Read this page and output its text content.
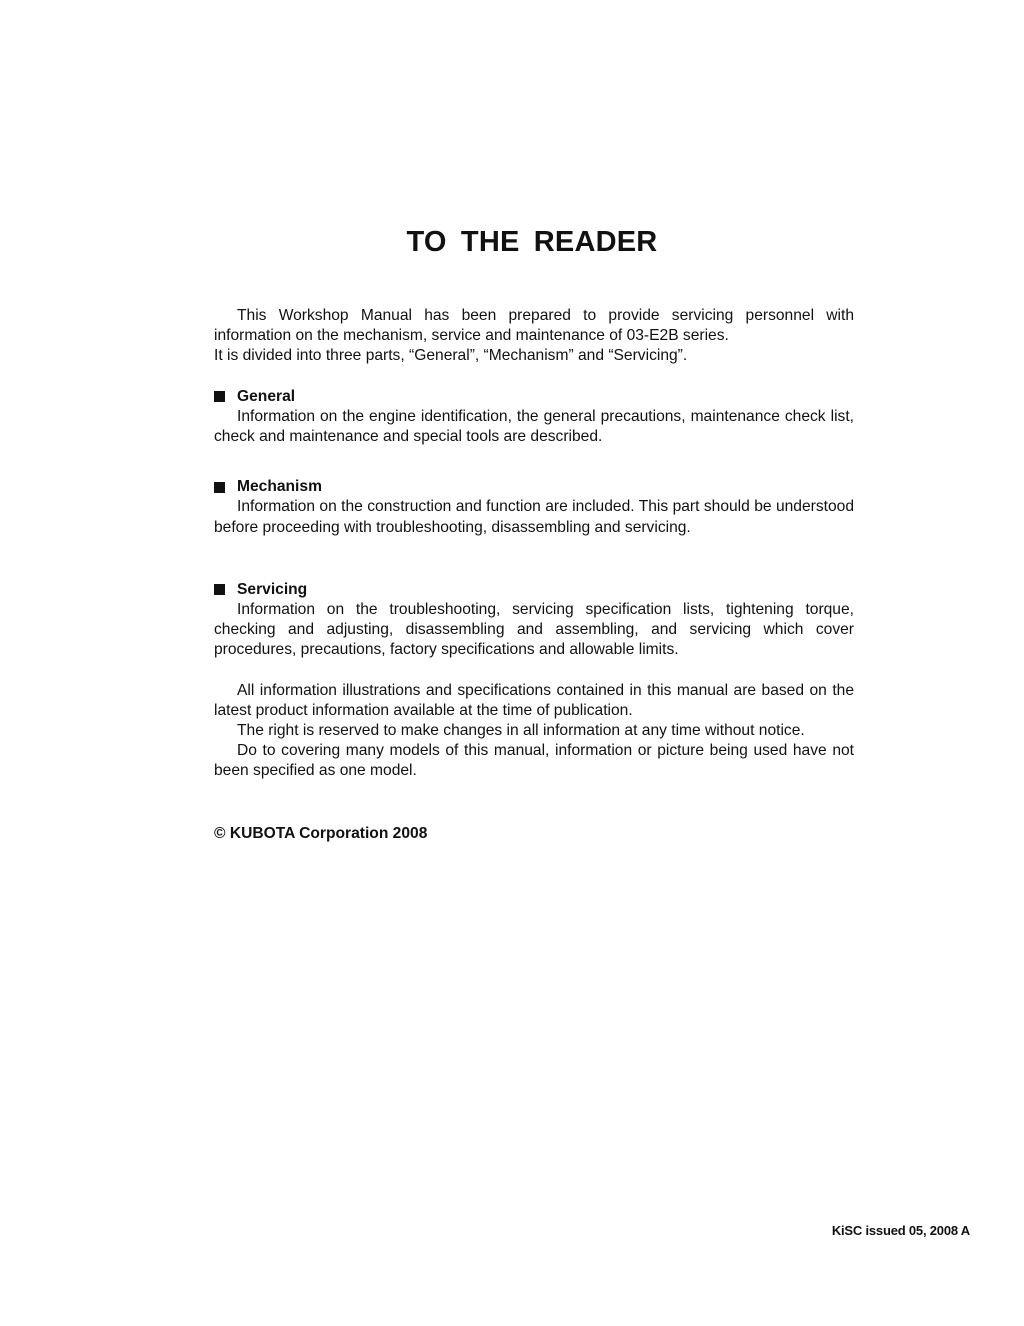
TO THE READER

This Workshop Manual has been prepared to provide servicing personnel with information on the mechanism, service and maintenance of 03-E2B series.

It is divided into three parts, “General”, “Mechanism” and “Servicing”.

General

Information on the engine identification, the general precautions, maintenance check list, check and maintenance and special tools are described.

Mechanism

Information on the construction and function are included. This part should be understood before proceeding with troubleshooting, disassembling and servicing.

Servicing

Information on the troubleshooting, servicing specification lists, tightening torque, checking and adjusting, disassembling and assembling, and servicing which cover procedures, precautions, factory specifications and allowable limits.

All information illustrations and specifications contained in this manual are based on the latest product information available at the time of publication.

The right is reserved to make changes in all information at any time without notice.

Do to covering many models of this manual, information or picture being used have not been specified as one model.

© KUBOTA Corporation 2008

KiSC issued 05, 2008 A
